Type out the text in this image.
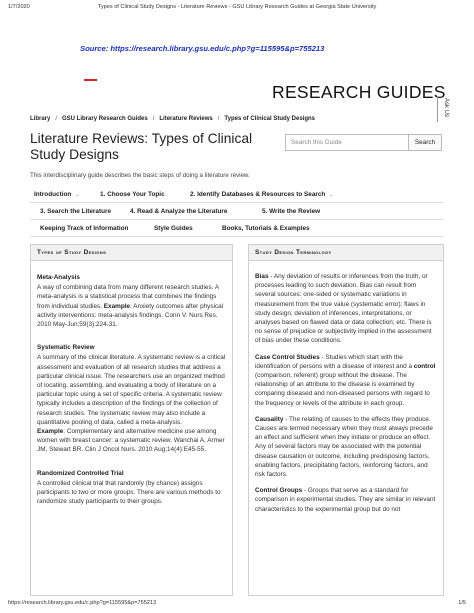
1/7/2020	Types of Clinical Study Designs - Literature Reviews - GSU Library Research Guides at Georgia State University
Source: https://research.library.gsu.edu/c.php?g=115595&p=755213
RESEARCH GUIDES
Ask Us
Library / GSU Library Research Guides / Literature Reviews / Types of Clinical Study Designs
Literature Reviews: Types of Clinical Study Designs
This interdisciplinary guide describes the basic steps of doing a literature review.
Search this Guide	Search
Introduction ⌄	1. Choose Your Topic	2. Identify Databases & Resources to Search ⌄
3. Search the Literature	4. Read & Analyze the Literature	5. Write the Review
Keeping Track of Information	Style Guides	Books, Tutorials & Examples
Types of Study Designs
Meta-Analysis

A way of combining data from many different research studies. A meta-analysis is a statistical process that combines the findings from individual studies. Example: Anxiety outcomes after physical activity interventions: meta-analysis findings. Conn V. Nurs Res. 2010 May-Jun;59(3):224-31.

Systematic Review

A summary of the clinical literature. A systematic review is a critical assessment and evaluation of all research studies that address a particular clinical issue. The researchers use an organized method of locating, assembling, and evaluating a body of literature on a particular topic using a set of specific criteria. A systematic review typically includes a description of the findings of the collection of research studies. The systematic review may also include a quantitative pooling of data, called a meta-analysis.

Example: Complementary and alternative medicine use among women with breast cancer: a systematic review. Wanchai A, Armer JM, Stewart BR. Clin J Oncol Nurs. 2010 Aug;14(4):E45-55.

Randomized Controlled Trial

A controlled clinical trial that randomly (by chance) assigns participants to two or more groups. There are various methods to randomize study participants to their groups.

Study Design Terminology

Bias - Any deviation of results or inferences from the truth, or processes leading to such deviation. Bias can result from several sources: one-sided or systematic variations in measurement from the true value (systematic error); flaws in study design; deviation of inferences, interpretations, or analyses based on flawed data or data collection; etc. There is no sense of prejudice or subjectivity implied in the assessment of bias under these conditions.

Case Control Studies - Studies which start with the identification of persons with a disease of interest and a control (comparison, referent) group without the disease. The relationship of an attribute to the disease is examined by comparing diseased and non-diseased persons with regard to the frequency or levels of the attribute in each group.

Causality - The relating of causes to the effects they produce. Causes are termed necessary when they must always precede an effect and sufficient when they initiate or produce an effect. Any of several factors may be associated with the potential disease causation or outcome, including predisposing factors, enabling factors, precipitating factors, reinforcing factors, and risk factors.

Control Groups - Groups that serve as a standard for comparison in experimental studies. They are similar in relevant characteristics to the experimental group but do not

https://research.library.gsu.edu/c.php?g=115595&p=755213	1/5
